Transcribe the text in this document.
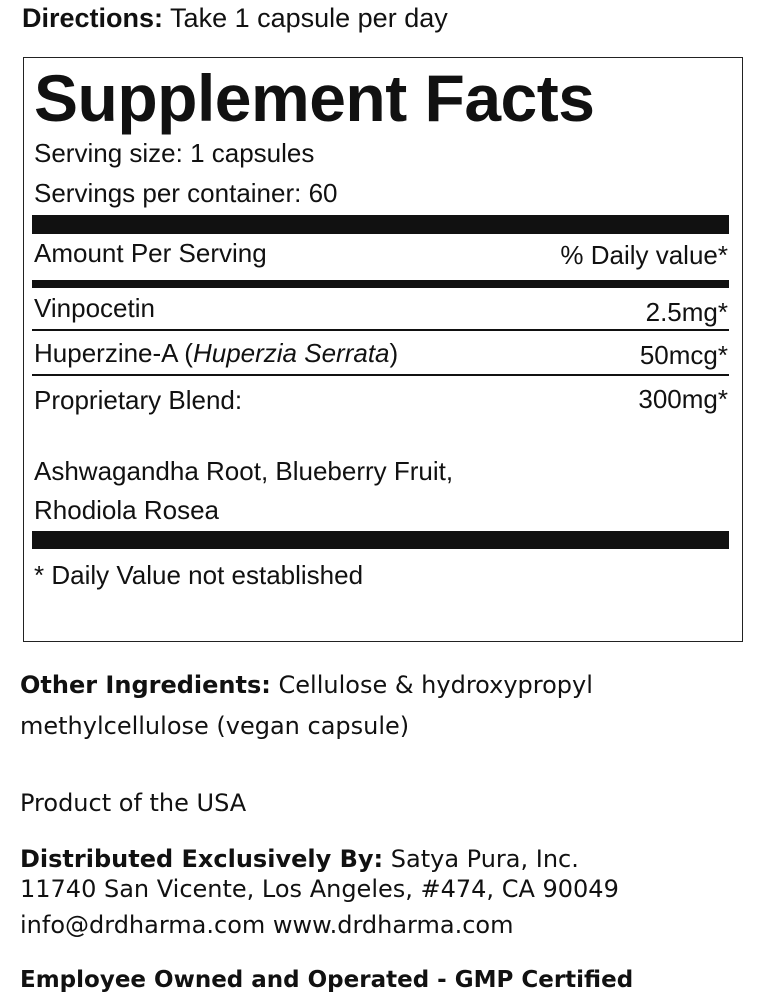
Directions: Take 1 capsule per day
Supplement Facts
Serving size: 1 capsules
Servings per container: 60
Amount Per Serving	% Daily value*
Vinpocetin	2.5mg*
Huperzine-A (Huperzia Serrata)	50mcg*
Proprietary Blend:	300mg*
Ashwagandha Root, Blueberry Fruit,
Rhodiola Rosea
* Daily Value not established
Other Ingredients: Cellulose & hydroxypropyl
methylcellulose (vegan capsule)
Product of the USA
Distributed Exclusively By: Satya Pura, Inc.
11740 San Vicente, Los Angeles, #474, CA 90049
info@drdharma.com www.drdharma.com
Employee Owned and Operated - GMP Certified
